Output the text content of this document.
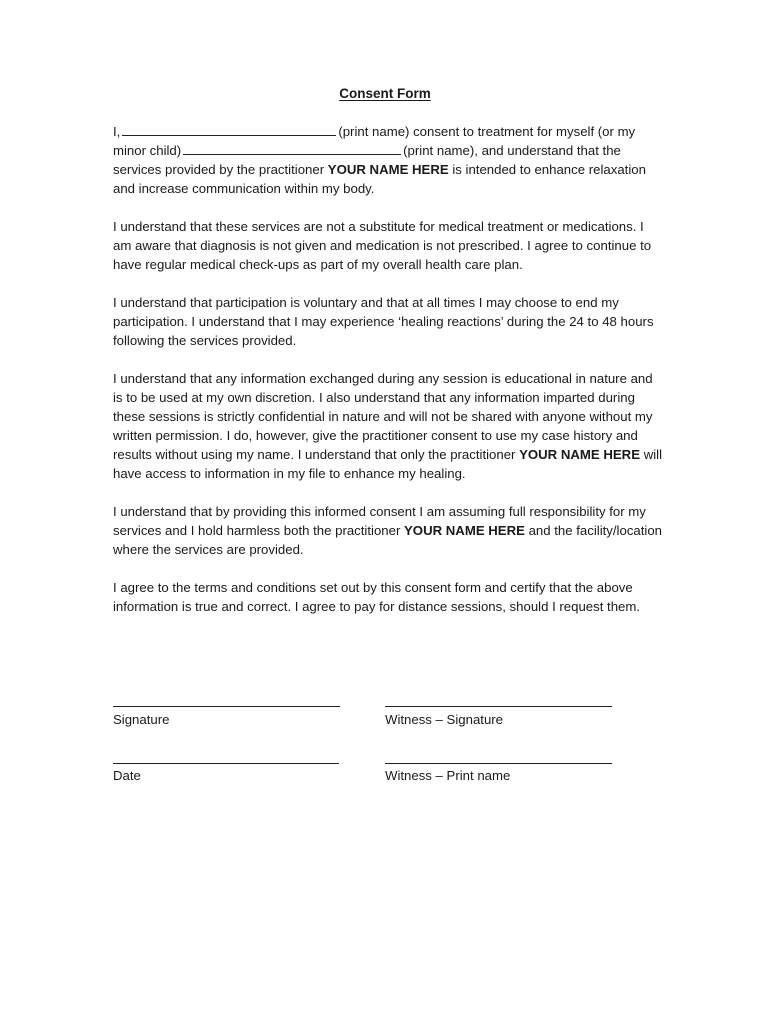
Consent Form

I,	(print name) consent to treatment for myself (or my minor child)	(print name), and understand that the services provided by the practitioner YOUR NAME HERE is intended to enhance relaxation and increase communication within my body.

I understand that these services are not a substitute for medical treatment or medications. I am aware that diagnosis is not given and medication is not prescribed. I agree to continue to have regular medical check-ups as part of my overall health care plan.

I understand that participation is voluntary and that at all times I may choose to end my participation. I understand that I may experience ‘healing reactions’ during the 24 to 48 hours following the services provided.

I understand that any information exchanged during any session is educational in nature and is to be used at my own discretion. I also understand that any information imparted during these sessions is strictly confidential in nature and will not be shared with anyone without my written permission. I do, however, give the practitioner consent to use my case history and results without using my name. I understand that only the practitioner YOUR NAME HERE will have access to information in my file to enhance my healing.

I understand that by providing this informed consent I am assuming full responsibility for my services and I hold harmless both the practitioner YOUR NAME HERE and the facility/location where the services are provided.

I agree to the terms and conditions set out by this consent form and certify that the above information is true and correct. I agree to pay for distance sessions, should I request them.

Signature	Witness – Signature
Date	Witness – Print name
